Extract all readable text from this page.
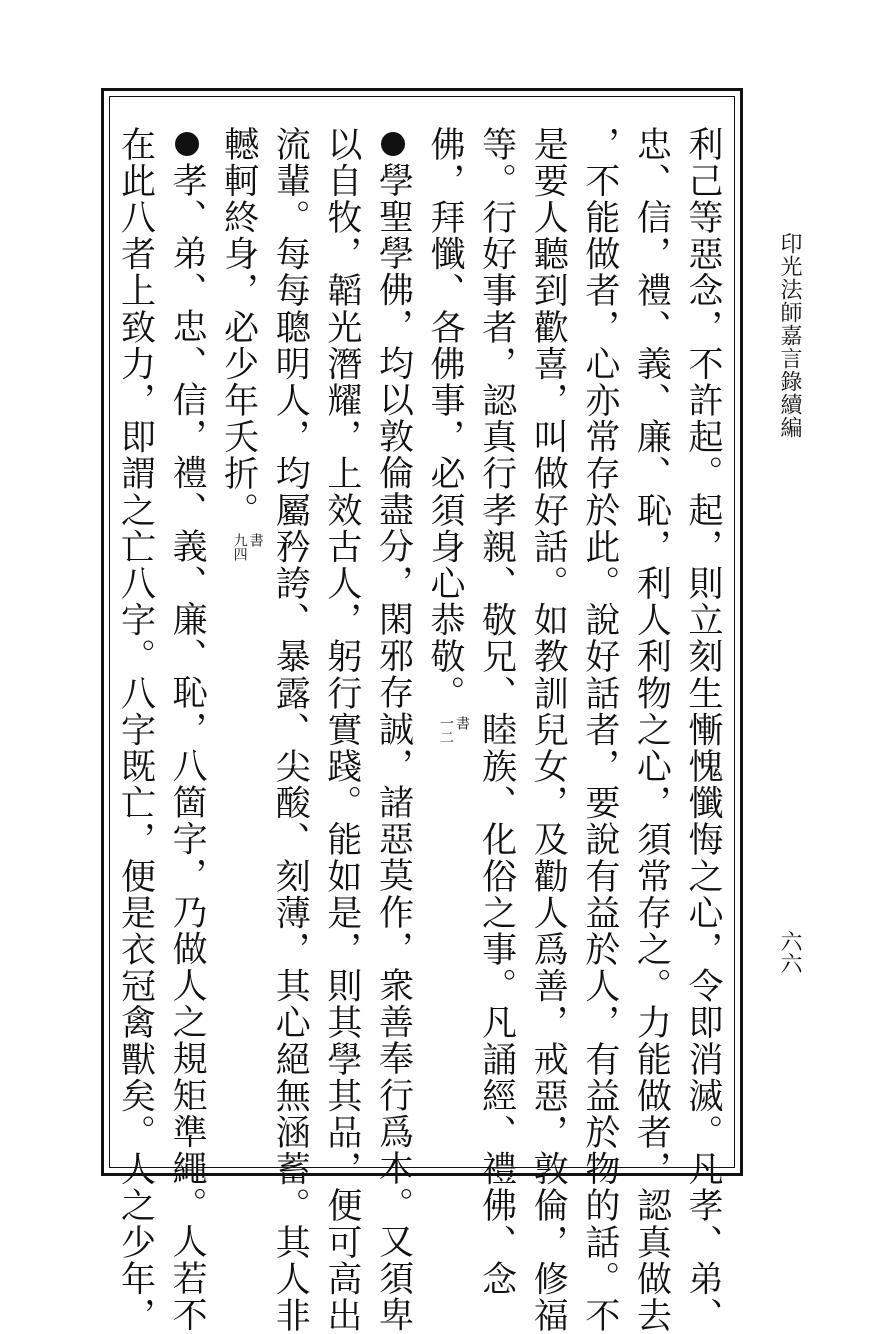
印光法師嘉言錄續編
六六
利己等惡念，不許起。起，則立刻生慚愧懺悔之心，令即消滅。凡孝、弟、
忠、信，禮、義、廉、恥，利人利物之心，須常存之。力能做者，認真做去
，不能做者，心亦常存於此。說好話者，要說有益於人，有益於物的話。不
是要人聽到歡喜，叫做好話。如教訓兒女，及勸人爲善，戒惡，敦倫，修福
等。行好事者，認真行孝親、敬兄、睦族、化俗之事。凡誦經、禮佛、念
佛，拜懺、各佛事，必須身心恭敬。
書
一二
學聖學佛，均以敦倫盡分，閑邪存誠，諸惡莫作，衆善奉行爲本。又須卑
以自牧，韜光潛耀，上效古人，躬行實踐。能如是，則其學其品，便可高出
流輩。每每聰明人，均屬矜誇、暴露、尖酸、刻薄，其心絕無涵蓄。其人非
轗軻終身，必少年夭折。
書
九四
孝、弟、忠、信，禮、義、廉、恥，八箇字，乃做人之規矩準繩。人若不
在此八者上致力，即謂之亡八字。八字既亡，便是衣冠禽獸矣。人之少年，
